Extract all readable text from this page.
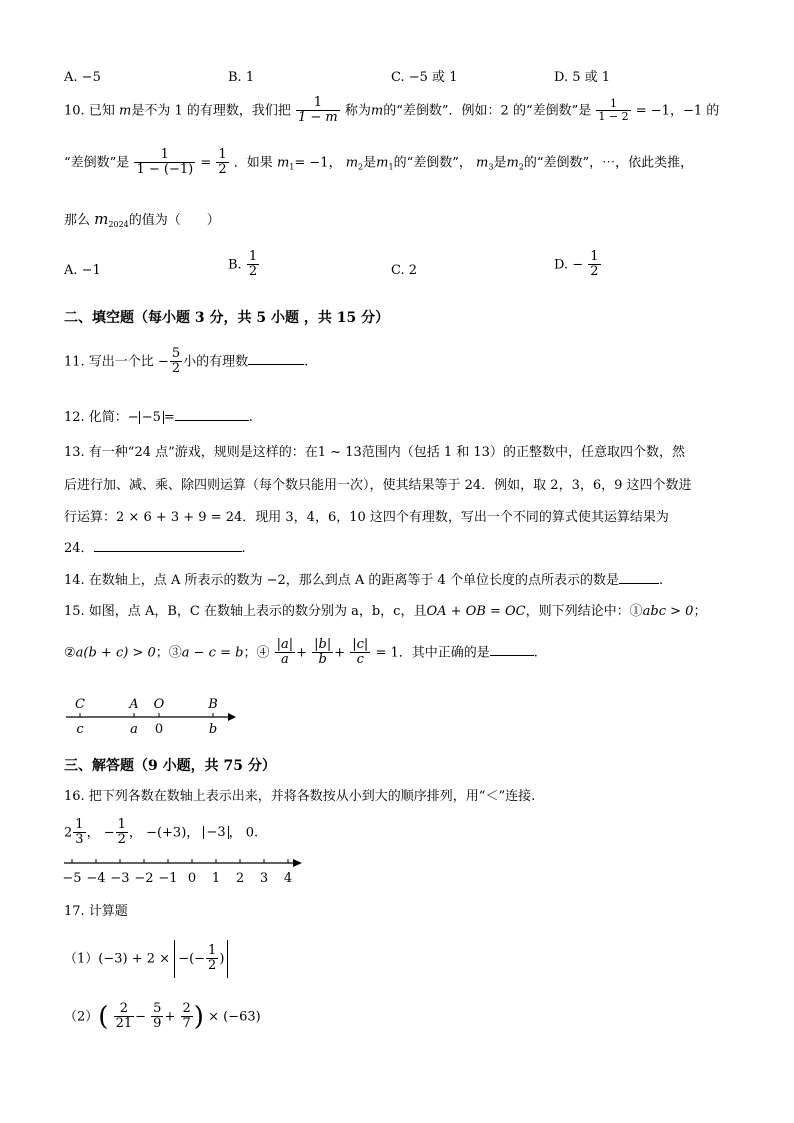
A. −5	B. 1	C. −5 或 1	D. 5 或 1
10. 已知 m是不为 1 的有理数，我们把 $\frac{1}{1 - m}$ 称为m的“差倒数”．例如：2 的“差倒数”是 $\frac{1}{1 - 2} = -1$，−1 的
“差倒数”是 $\frac{1}{1 - (-1)} = \frac{1}{2}$ ．如果 $m_1= -1$， $m_2$是$m_1$的“差倒数”， $m_3$是$m_2$的“差倒数”，⋯，依此类推，
那么 $m_{2024}$的值为（　　）
A. −1	B. $\frac{1}{2}$	C. 2	D. − $\frac{1}{2}$
二、填空题（每小题 3 分，共 5 小题 ，共 15 分）
11. 写出一个比 − $\frac{5}{2}$ 小的有理数	.
12. 化简：− −5 =	.
13. 有一种“24 点”游戏，规则是这样的：在1 ~ 13范围内（包括 1 和 13）的正整数中，任意取四个数，然
后进行加、减、乘、除四则运算（每个数只能用一次），使其结果等于 24．例如，取 2，3，6，9 这四个数进
行运算：2 × 6 + 3 + 9 = 24．现用 3，4，6，10 这四个有理数，写出一个不同的算式使其运算结果为
24．	.
14. 在数轴上，点 A 所表示的数为 −2，那么到点 A 的距离等于 4 个单位长度的点所表示的数是	.
15. 如图，点 A，B，C 在数轴上表示的数分别为 a，b，c，且OA + OB = OC，则下列结论中：①abc > 0；
②a(b + c) > 0；③a − c = b；④ $\frac{|a|}{a} + \frac{|b|}{b} + \frac{|c|}{c} = 1$．其中正确的是	.
C	A O	B
c	a 0	b
三、解答题（9 小题，共 75 分）
16. 把下列各数在数轴上表示出来，并将各数按从小到大的顺序排列，用“＜”连接.
$2 \frac{1}{3}$ ， − $\frac{1}{2}$ ， −(+3)， −3 ， 0.
−5 −4 −3 −2 −1 0 1 2 3 4
17. 计算题
（1）(−3) + 2 × −(− $\frac{1}{2}$ )
$(2)( \frac{2}{21} - \frac{5}{9} + \frac{2}{7}$ ) × (−63)
